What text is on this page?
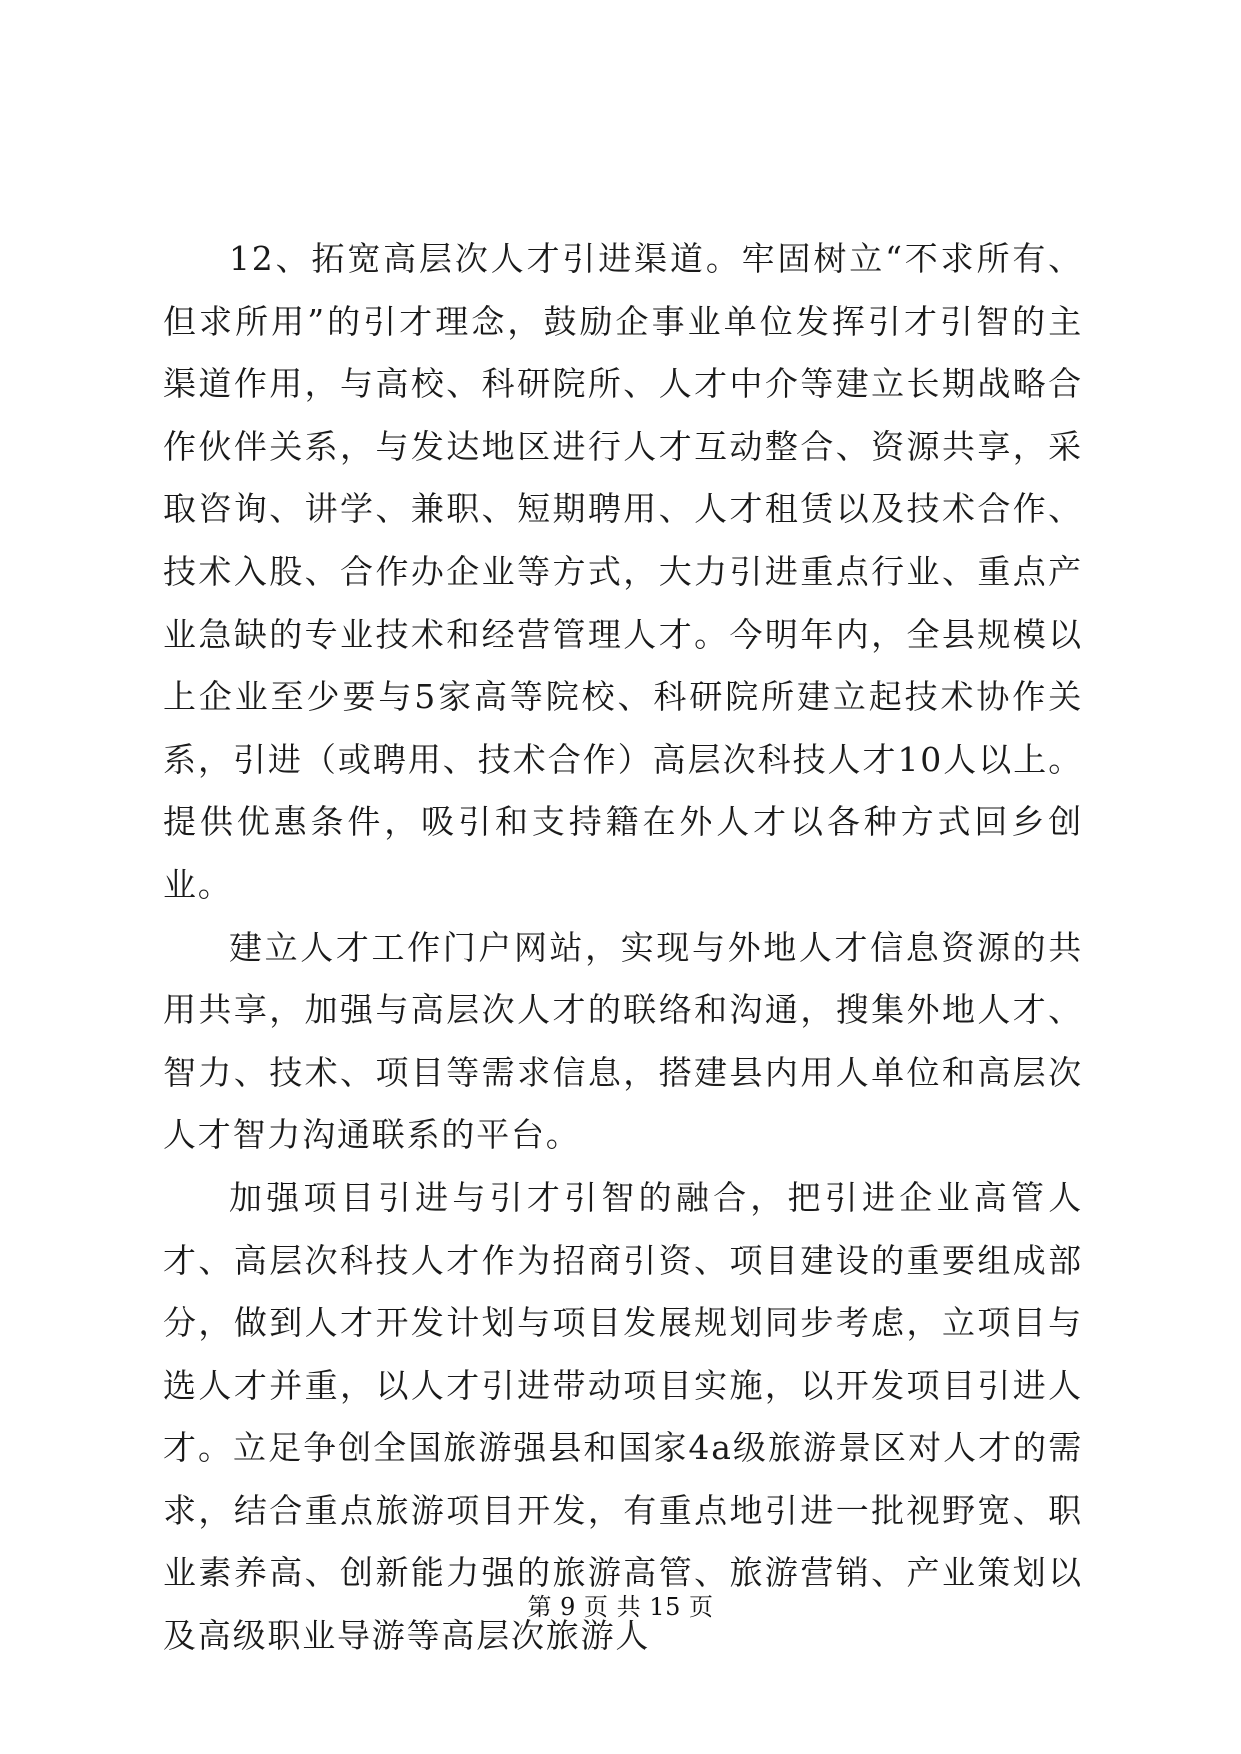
12、拓宽高层次人才引进渠道。牢固树立“不求所有、但求所用”的引才理念，鼓励企事业单位发挥引才引智的主渠道作用，与高校、科研院所、人才中介等建立长期战略合作伙伴关系，与发达地区进行人才互动整合、资源共享，采取咨询、讲学、兼职、短期聘用、人才租赁以及技术合作、技术入股、合作办企业等方式，大力引进重点行业、重点产业急缺的专业技术和经营管理人才。今明年内，全县规模以上企业至少要与5家高等院校、科研院所建立起技术协作关系，引进（或聘用、技术合作）高层次科技人才10人以上。提供优惠条件，吸引和支持籍在外人才以各种方式回乡创业。

建立人才工作门户网站，实现与外地人才信息资源的共用共享，加强与高层次人才的联络和沟通，搜集外地人才、智力、技术、项目等需求信息，搭建县内用人单位和高层次人才智力沟通联系的平台。

加强项目引进与引才引智的融合，把引进企业高管人才、高层次科技人才作为招商引资、项目建设的重要组成部分，做到人才开发计划与项目发展规划同步考虑，立项目与选人才并重，以人才引进带动项目实施，以开发项目引进人才。立足争创全国旅游强县和国家4a级旅游景区对人才的需求，结合重点旅游项目开发，有重点地引进一批视野宽、职业素养高、创新能力强的旅游高管、旅游营销、产业策划以及高级职业导游等高层次旅游人

第 9 页 共 15 页
